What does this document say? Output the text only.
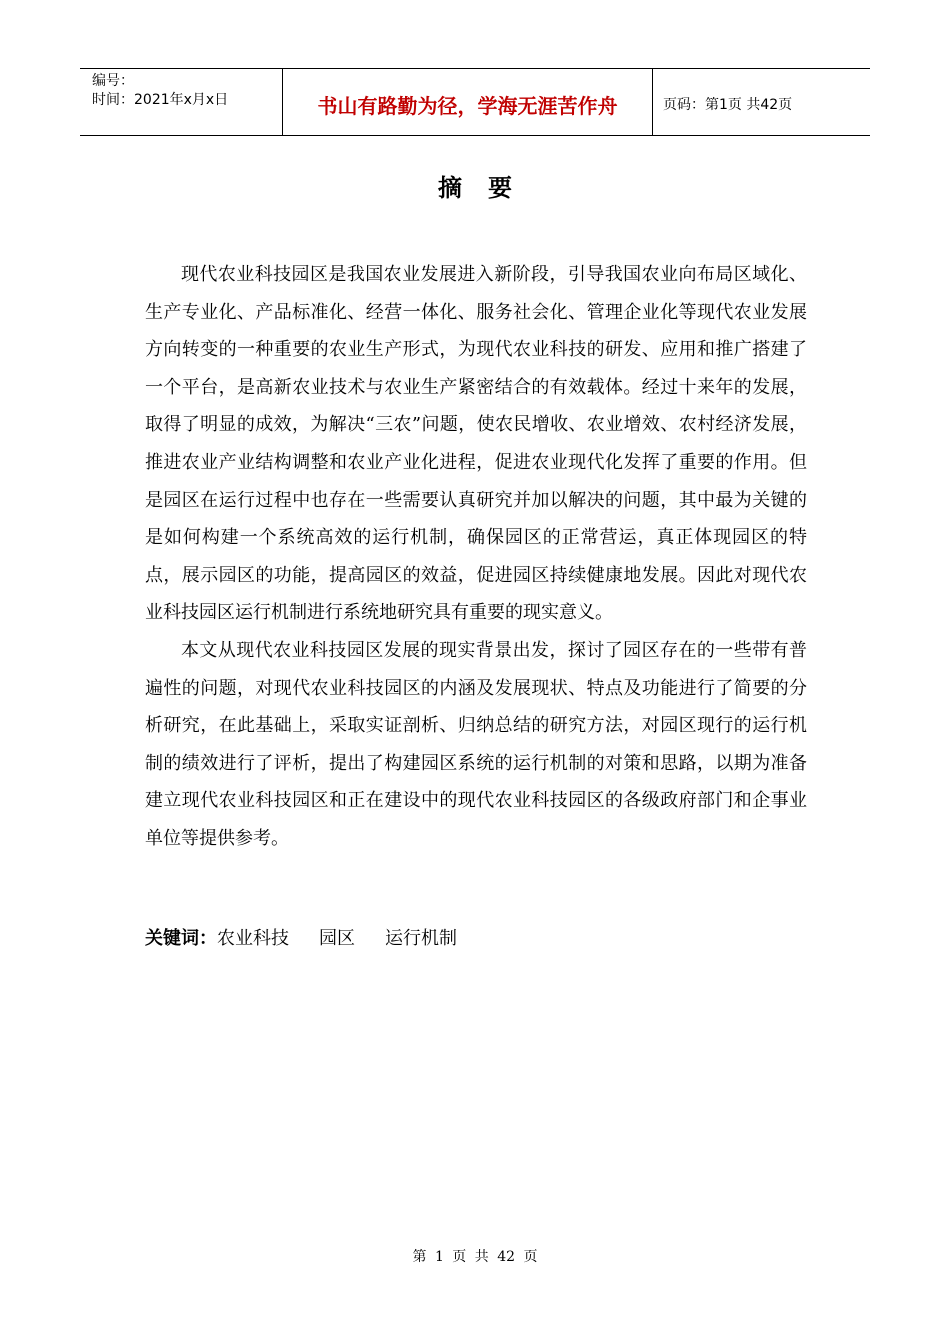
编号：
时间：2021年x月x日	书山有路勤为径，学海无涯苦作舟	页码：第1页 共42页
摘要

现代农业科技园区是我国农业发展进入新阶段，引导我国农业向布局区域化、生产专业化、产品标准化、经营一体化、服务社会化、管理企业化等现代农业发展方向转变的一种重要的农业生产形式，为现代农业科技的研发、应用和推广搭建了一个平台，是高新农业技术与农业生产紧密结合的有效载体。经过十来年的发展，取得了明显的成效，为解决“三农”问题，使农民增收、农业增效、农村经济发展，推进农业产业结构调整和农业产业化进程，促进农业现代化发挥了重要的作用。但是园区在运行过程中也存在一些需要认真研究并加以解决的问题，其中最为关键的是如何构建一个系统高效的运行机制，确保园区的正常营运，真正体现园区的特点，展示园区的功能，提高园区的效益，促进园区持续健康地发展。因此对现代农业科技园区运行机制进行系统地研究具有重要的现实意义。

本文从现代农业科技园区发展的现实背景出发，探讨了园区存在的一些带有普遍性的问题，对现代农业科技园区的内涵及发展现状、特点及功能进行了简要的分析研究，在此基础上，采取实证剖析、归纳总结的研究方法，对园区现行的运行机制的绩效进行了评析，提出了构建园区系统的运行机制的对策和思路，以期为准备建立现代农业科技园区和正在建设中的现代农业科技园区的各级政府部门和企事业单位等提供参考。

关键词：农业科技 园区 运行机制
第 1 页 共 42 页
